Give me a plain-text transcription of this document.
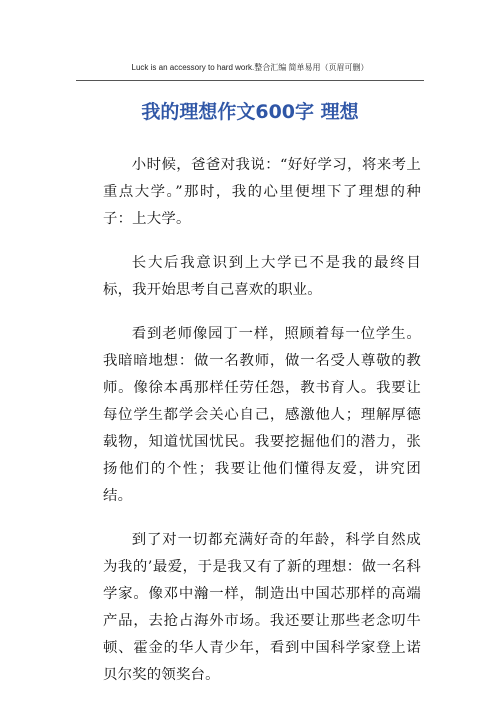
Luck is an accessory to hard work.整合汇编 简单易用（页眉可删）
我的理想作文600字 理想

小时候，爸爸对我说：“好好学习，将来考上重点大学。”那时，我的心里便埋下了理想的种子：上大学。

长大后我意识到上大学已不是我的最终目标，我开始思考自己喜欢的职业。

看到老师像园丁一样，照顾着每一位学生。我暗暗地想：做一名教师，做一名受人尊敬的教师。像徐本禹那样任劳任怨，教书育人。我要让每位学生都学会关心自己，感激他人；理解厚德载物，知道忧国忧民。我要挖掘他们的潜力，张扬他们的个性；我要让他们懂得友爱，讲究团结。

到了对一切都充满好奇的年龄，科学自然成为我的’最爱，于是我又有了新的理想：做一名科学家。像邓中瀚一样，制造出中国芯那样的高端产品，去抢占海外市场。我还要让那些老念叨牛顿、霍金的华人青少年，看到中国科学家登上诺贝尔奖的领奖台。
